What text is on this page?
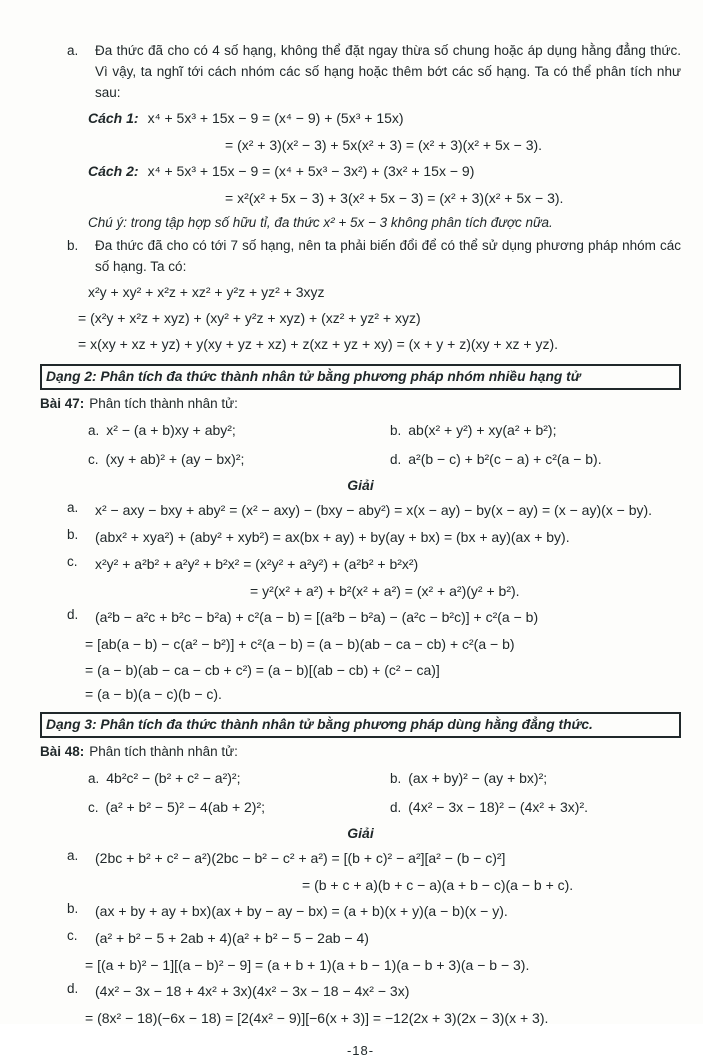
a.	Đa thức đã cho có 4 số hạng, không thể đặt ngay thừa số chung hoặc áp dụng hằng đẳng thức. Vì vậy, ta nghĩ tới cách nhóm các số hạng hoặc thêm bớt các số hạng. Ta có thể phân tích như sau:
Cách 1: x⁴ + 5x³ + 15x − 9 = (x⁴ − 9) + (5x³ + 15x)
= (x² + 3)(x² − 3) + 5x(x² + 3) = (x² + 3)(x² + 5x − 3).
Cách 2: x⁴ + 5x³ + 15x − 9 = (x⁴ + 5x³ − 3x²) + (3x² + 15x − 9)
= x²(x² + 5x − 3) + 3(x² + 5x − 3) = (x² + 3)(x² + 5x − 3).
Chú ý: trong tập hợp số hữu tỉ, đa thức x² + 5x − 3 không phân tích được nữa.
b.	Đa thức đã cho có tới 7 số hạng, nên ta phải biến đổi để có thể sử dụng phương pháp nhóm các số hạng. Ta có:
x²y + xy² + x²z + xz² + y²z + yz² + 3xyz
= (x²y + x²z + xyz) + (xy² + y²z + xyz) + (xz² + yz² + xyz)
= x(xy + xz + yz) + y(xy + yz + xz) + z(xz + yz + xy) = (x + y + z)(xy + xz + yz).
Dạng 2: Phân tích đa thức thành nhân tử bằng phương pháp nhóm nhiều hạng tử
Bài 47: Phân tích thành nhân tử:
a. x² − (a + b)xy + aby²;	b. ab(x² + y²) + xy(a² + b²);
c. (xy + ab)² + (ay − bx)²;	d. a²(b − c) + b²(c − a) + c²(a − b).
Giải
a.	x² − axy − bxy + aby² = (x² − axy) − (bxy − aby²) = x(x − ay) − by(x − ay) = (x − ay)(x − by).
b.	(abx² + xya²) + (aby² + xyb²) = ax(bx + ay) + by(ay + bx) = (bx + ay)(ax + by).
c.	x²y² + a²b² + a²y² + b²x² = (x²y² + a²y²) + (a²b² + b²x²)
= y²(x² + a²) + b²(x² + a²) = (x² + a²)(y² + b²).
d.	(a²b − a²c + b²c − b²a) + c²(a − b) = [(a²b − b²a) − (a²c − b²c)] + c²(a − b)
= [ab(a − b) − c(a² − b²)] + c²(a − b) = (a − b)(ab − ca − cb) + c²(a − b)
= (a − b)(ab − ca − cb + c²) = (a − b)[(ab − cb) + (c² − ca)]
= (a − b)(a − c)(b − c).
Dạng 3: Phân tích đa thức thành nhân tử bằng phương pháp dùng hằng đẳng thức.
Bài 48: Phân tích thành nhân tử:
a. 4b²c² − (b² + c² − a²)²;	b. (ax + by)² − (ay + bx)²;
c. (a² + b² − 5)² − 4(ab + 2)²;	d. (4x² − 3x − 18)² − (4x² + 3x)².
Giải
a.	(2bc + b² + c² − a²)(2bc − b² − c² + a²) = [(b + c)² − a²][a² − (b − c)²]
= (b + c + a)(b + c − a)(a + b − c)(a − b + c).
b.	(ax + by + ay + bx)(ax + by − ay − bx) = (a + b)(x + y)(a − b)(x − y).
c.	(a² + b² − 5 + 2ab + 4)(a² + b² − 5 − 2ab − 4)
= [(a + b)² − 1][(a − b)² − 9] = (a + b + 1)(a + b − 1)(a − b + 3)(a − b − 3).
d.	(4x² − 3x − 18 + 4x² + 3x)(4x² − 3x − 18 − 4x² − 3x)
= (8x² − 18)(−6x − 18) = [2(4x² − 9)][−6(x + 3)] = −12(2x + 3)(2x − 3)(x + 3).
-18-
